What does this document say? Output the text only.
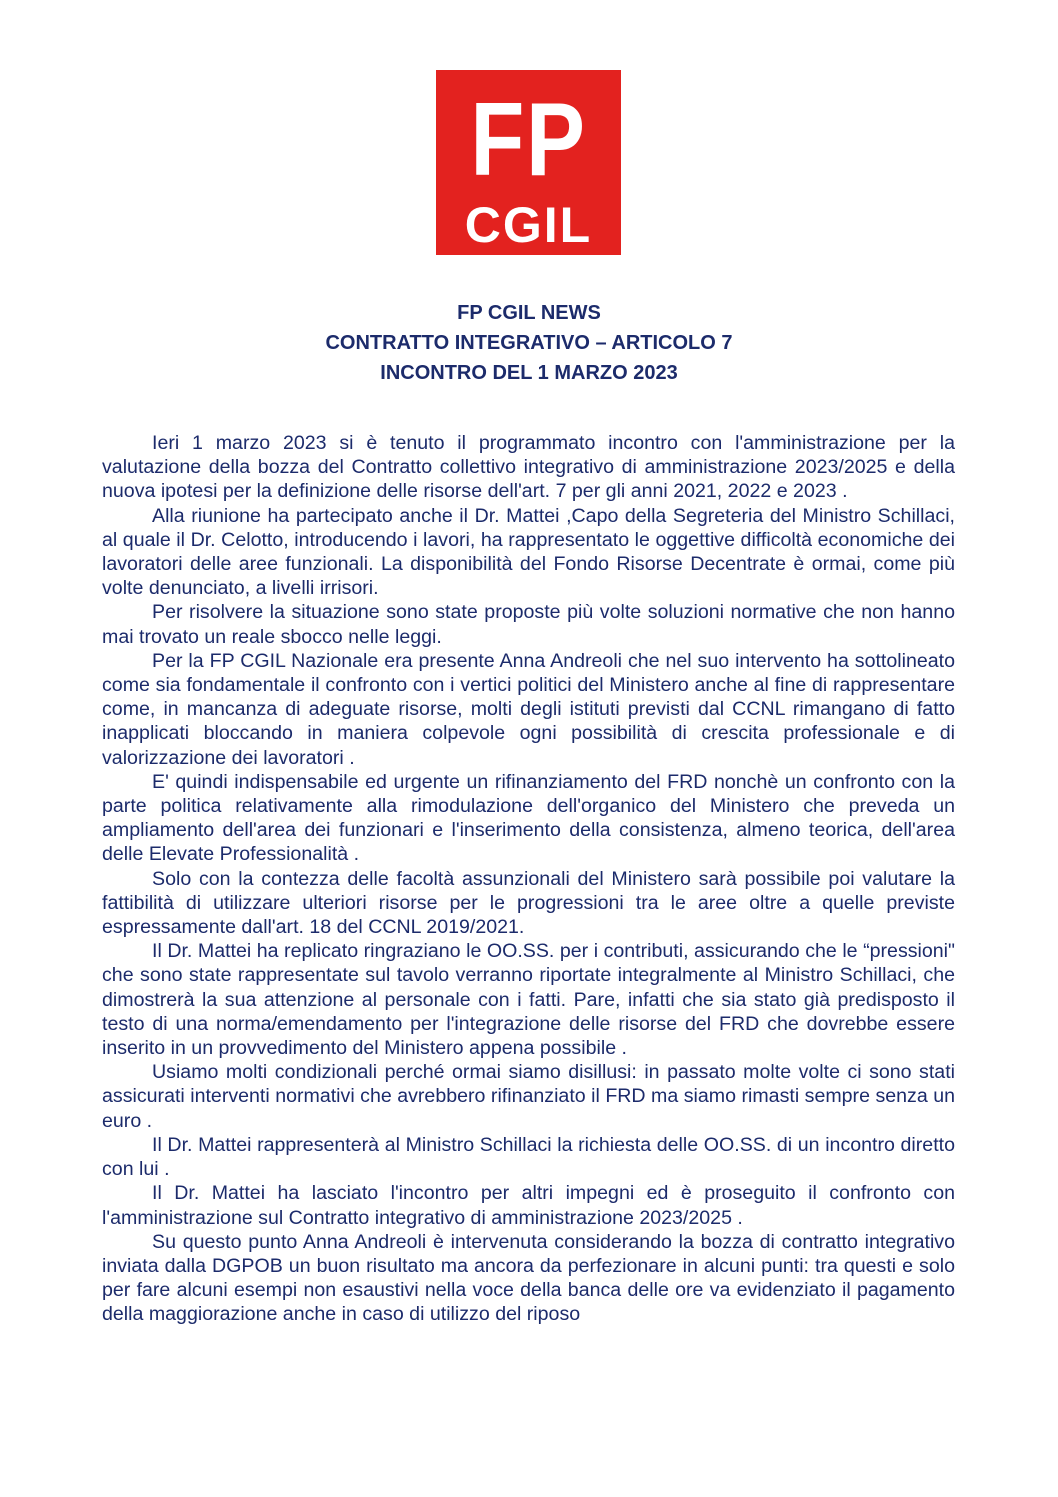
FP
CGIL
FP CGIL NEWS
CONTRATTO INTEGRATIVO – ARTICOLO 7
INCONTRO DEL 1 MARZO 2023

Ieri 1 marzo 2023 si è tenuto il programmato incontro con l'amministrazione per la valutazione della bozza del Contratto collettivo integrativo di amministrazione 2023/2025 e della nuova ipotesi per la definizione delle risorse dell'art. 7 per gli anni 2021, 2022 e 2023 .

Alla riunione ha partecipato anche il Dr. Mattei ,Capo della Segreteria del Ministro Schillaci, al quale il Dr. Celotto, introducendo i lavori, ha rappresentato le oggettive difficoltà economiche dei lavoratori delle aree funzionali. La disponibilità del Fondo Risorse Decentrate è ormai, come più volte denunciato, a livelli irrisori.

Per risolvere la situazione sono state proposte più volte soluzioni normative che non hanno mai trovato un reale sbocco nelle leggi.

Per la FP CGIL Nazionale era presente Anna Andreoli che nel suo intervento ha sottolineato come sia fondamentale il confronto con i vertici politici del Ministero anche al fine di rappresentare come, in mancanza di adeguate risorse, molti degli istituti previsti dal CCNL rimangano di fatto inapplicati bloccando in maniera colpevole ogni possibilità di crescita professionale e di valorizzazione dei lavoratori .

E' quindi indispensabile ed urgente un rifinanziamento del FRD nonchè un confronto con la parte politica relativamente alla rimodulazione dell'organico del Ministero che preveda un ampliamento dell'area dei funzionari e l'inserimento della consistenza, almeno teorica, dell'area delle Elevate Professionalità .

Solo con la contezza delle facoltà assunzionali del Ministero sarà possibile poi valutare la fattibilità di utilizzare ulteriori risorse per le progressioni tra le aree oltre a quelle previste espressamente dall'art. 18 del CCNL 2019/2021.

Il Dr. Mattei ha replicato ringraziano le OO.SS. per i contributi, assicurando che le “pressioni" che sono state rappresentate sul tavolo verranno riportate integralmente al Ministro Schillaci, che dimostrerà la sua attenzione al personale con i fatti. Pare, infatti che sia stato già predisposto il testo di una norma/emendamento per l'integrazione delle risorse del FRD che dovrebbe essere inserito in un provvedimento del Ministero appena possibile .

Usiamo molti condizionali perché ormai siamo disillusi: in passato molte volte ci sono stati assicurati interventi normativi che avrebbero rifinanziato il FRD ma siamo rimasti sempre senza un euro .

Il Dr. Mattei rappresenterà al Ministro Schillaci la richiesta delle OO.SS. di un incontro diretto con lui .

Il Dr. Mattei ha lasciato l'incontro per altri impegni ed è proseguito il confronto con l'amministrazione sul Contratto integrativo di amministrazione 2023/2025 .

Su questo punto Anna Andreoli è intervenuta considerando la bozza di contratto integrativo inviata dalla DGPOB un buon risultato ma ancora da perfezionare in alcuni punti: tra questi e solo per fare alcuni esempi non esaustivi nella voce della banca delle ore va evidenziato il pagamento della maggiorazione anche in caso di utilizzo del riposo
